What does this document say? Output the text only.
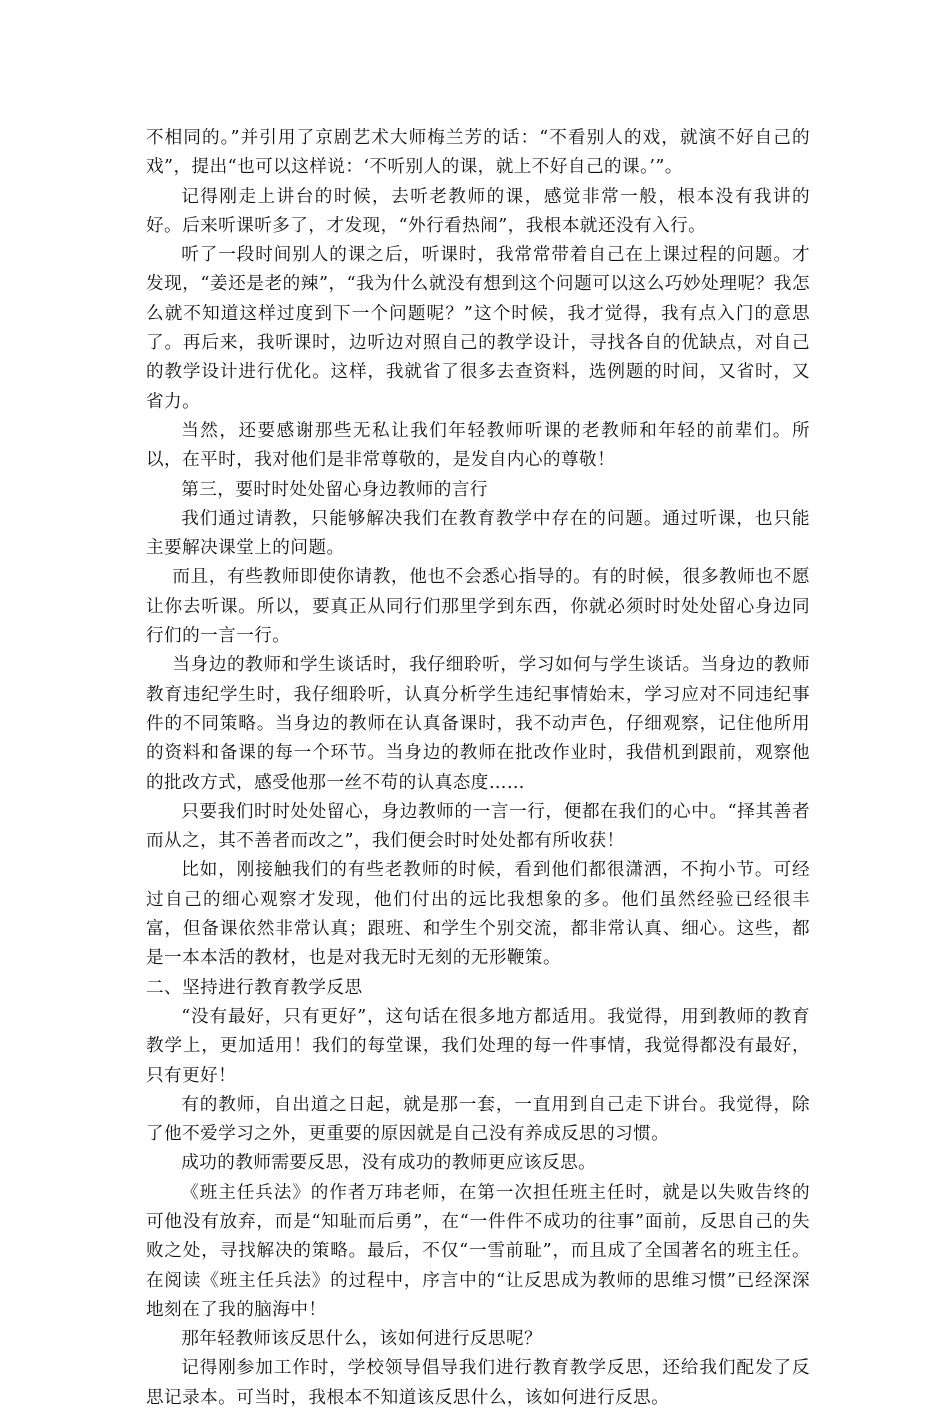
不相同的。”并引用了京剧艺术大师梅兰芳的话：“不看别人的戏，就演不好自己的戏”，提出“也可以这样说：‘不听别人的课，就上不好自己的课。’”。

记得刚走上讲台的时候，去听老教师的课，感觉非常一般，根本没有我讲的好。后来听课听多了，才发现，“外行看热闹”，我根本就还没有入行。

听了一段时间别人的课之后，听课时，我常常带着自己在上课过程的问题。才发现，“姜还是老的辣”，“我为什么就没有想到这个问题可以这么巧妙处理呢？我怎么就不知道这样过度到下一个问题呢？”这个时候，我才觉得，我有点入门的意思了。再后来，我听课时，边听边对照自己的教学设计，寻找各自的优缺点，对自己的教学设计进行优化。这样，我就省了很多去查资料，选例题的时间，又省时，又省力。

当然，还要感谢那些无私让我们年轻教师听课的老教师和年轻的前辈们。所以，在平时，我对他们是非常尊敬的，是发自内心的尊敬！

第三，要时时处处留心身边教师的言行

我们通过请教，只能够解决我们在教育教学中存在的问题。通过听课，也只能主要解决课堂上的问题。

而且，有些教师即使你请教，他也不会悉心指导的。有的时候，很多教师也不愿让你去听课。所以，要真正从同行们那里学到东西，你就必须时时处处留心身边同行们的一言一行。

当身边的教师和学生谈话时，我仔细聆听，学习如何与学生谈话。当身边的教师教育违纪学生时，我仔细聆听，认真分析学生违纪事情始末，学习应对不同违纪事件的不同策略。当身边的教师在认真备课时，我不动声色，仔细观察，记住他所用的资料和备课的每一个环节。当身边的教师在批改作业时，我借机到跟前，观察他的批改方式，感受他那一丝不苟的认真态度……

只要我们时时处处留心，身边教师的一言一行，便都在我们的心中。“择其善者而从之，其不善者而改之”，我们便会时时处处都有所收获！

比如，刚接触我们的有些老教师的时候，看到他们都很潇洒，不拘小节。可经过自己的细心观察才发现，他们付出的远比我想象的多。他们虽然经验已经很丰富，但备课依然非常认真；跟班、和学生个别交流，都非常认真、细心。这些，都是一本本活的教材，也是对我无时无刻的无形鞭策。

二、坚持进行教育教学反思

“没有最好，只有更好”，这句话在很多地方都适用。我觉得，用到教师的教育教学上，更加适用！我们的每堂课，我们处理的每一件事情，我觉得都没有最好，只有更好！

有的教师，自出道之日起，就是那一套，一直用到自己走下讲台。我觉得，除了他不爱学习之外，更重要的原因就是自己没有养成反思的习惯。

成功的教师需要反思，没有成功的教师更应该反思。

《班主任兵法》的作者万玮老师，在第一次担任班主任时，就是以失败告终的可他没有放弃，而是“知耻而后勇”，在“一件件不成功的往事”面前，反思自己的失败之处，寻找解决的策略。最后，不仅“一雪前耻”，而且成了全国著名的班主任。在阅读《班主任兵法》的过程中，序言中的“让反思成为教师的思维习惯”已经深深地刻在了我的脑海中！

那年轻教师该反思什么，该如何进行反思呢？

记得刚参加工作时，学校领导倡导我们进行教育教学反思，还给我们配发了反思记录本。可当时，我根本不知道该反思什么，该如何进行反思。
